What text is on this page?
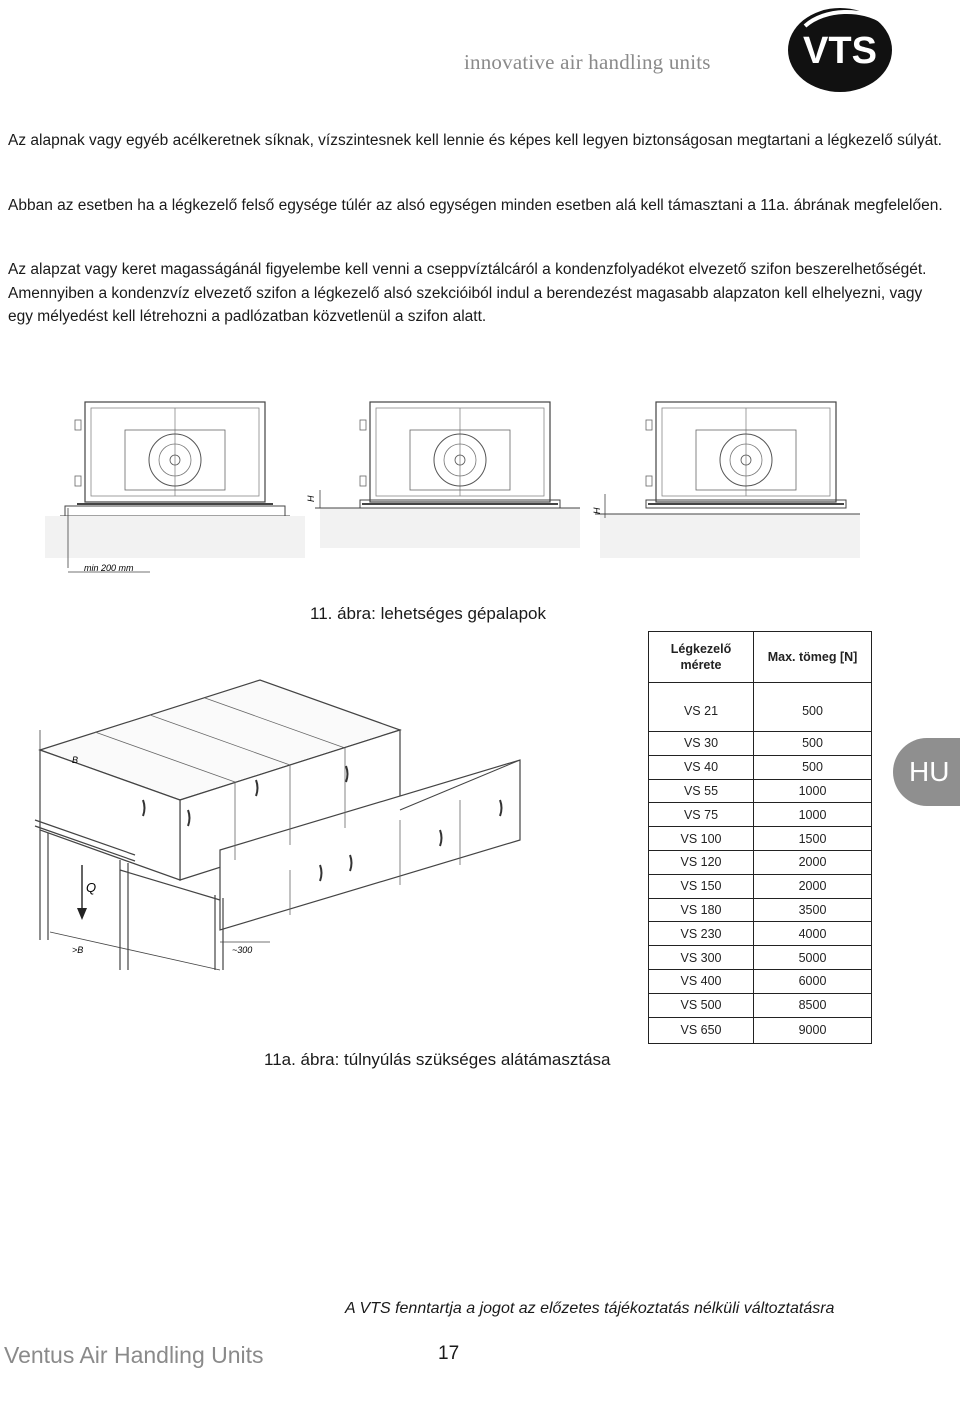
innovative air handling units VTS
Az alapnak vagy egyéb acélkeretnek síknak, vízszintesnek kell lennie és képes kell legyen biztonságosan megtartani a légkezelő súlyát.
Abban az esetben ha a légkezelő felső egysége túlér az alsó egységen minden esetben alá kell támasztani a 11a. ábrának megfelelően.
Az alapzat vagy keret magasságánál figyelembe kell venni a cseppvíztálcáról a kondenzfolyadékot elvezető szifon beszerelhetőségét. Amennyiben a kondenzvíz elvezető szifon a légkezelő alsó szekcióiból indul a berendezést magasabb alapzaton kell elhelyezni, vagy egy mélyedést kell létrehozni a padlózatban közvetlenül a szifon alatt.
H
H
min 200 mm
11. ábra: lehetséges gépalapok
B
Q
>B	~300
Légkezelő mérete	Max. tömeg [N]
VS 21	500
VS 30	500
VS 40	500
VS 55	1000
VS 75	1000
VS 100	1500
VS 120	2000
VS 150	2000
VS 180	3500
VS 230	4000
VS 300	5000
VS 400	6000
VS 500	8500
VS 650	9000
HU
11a. ábra: túlnyúlás szükséges alátámasztása
A VTS fenntartja a jogot az előzetes tájékoztatás nélküli változtatásra
Ventus Air Handling Units	17
